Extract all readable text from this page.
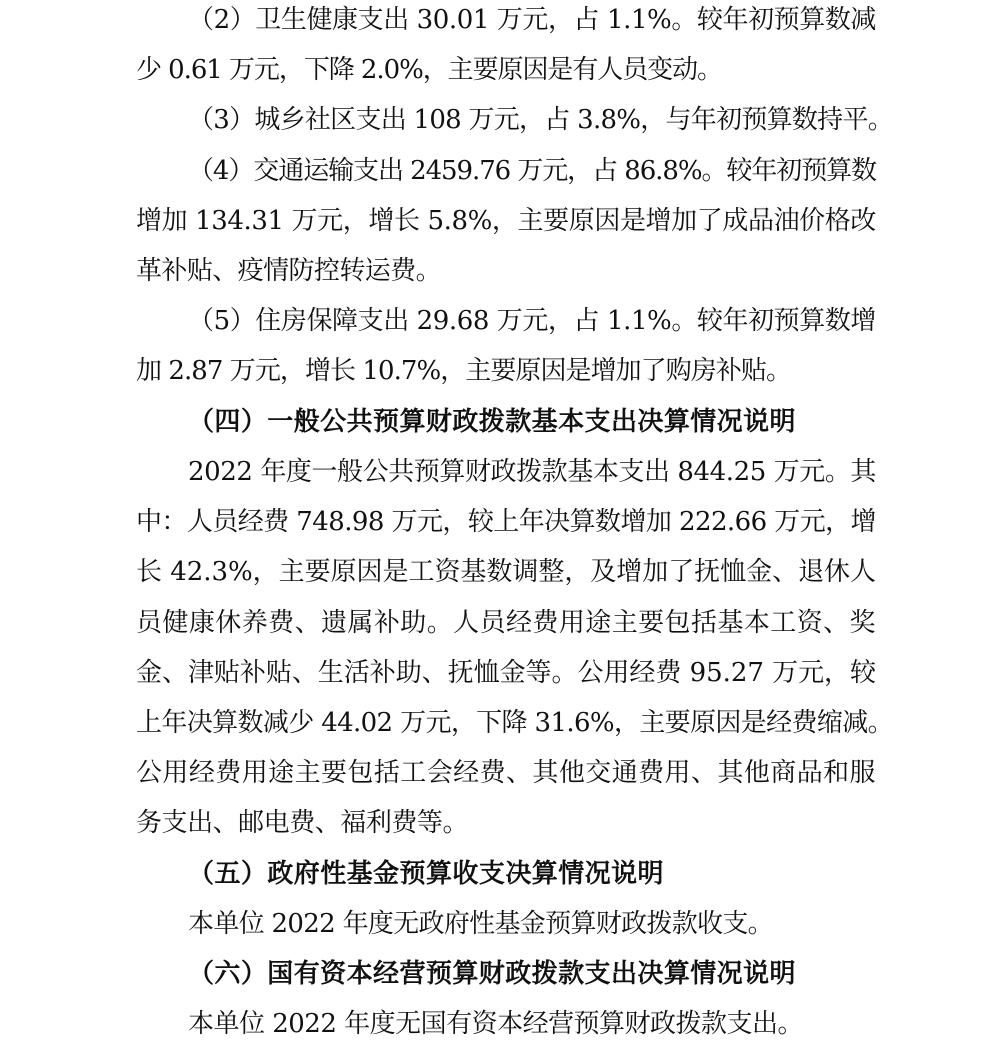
（2）卫生健康支出 30.01 万元，占 1.1%。较年初预算数减
少 0.61 万元，下降 2.0%，主要原因是有人员变动。
（3）城乡社区支出 108 万元，占 3.8%，与年初预算数持平。
（4）交通运输支出 2459.76 万元，占 86.8%。较年初预算数
增加 134.31 万元，增长 5.8%，主要原因是增加了成品油价格改
革补贴、疫情防控转运费。
（5）住房保障支出 29.68 万元，占 1.1%。较年初预算数增
加 2.87 万元，增长 10.7%，主要原因是增加了购房补贴。
（四）一般公共预算财政拨款基本支出决算情况说明
2022 年度一般公共预算财政拨款基本支出 844.25 万元。其
中：人员经费 748.98 万元，较上年决算数增加 222.66 万元，增
长 42.3%，主要原因是工资基数调整，及增加了抚恤金、退休人
员健康休养费、遗属补助。人员经费用途主要包括基本工资、奖
金、津贴补贴、生活补助、抚恤金等。公用经费 95.27 万元，较
上年决算数减少 44.02 万元，下降 31.6%，主要原因是经费缩减。
公用经费用途主要包括工会经费、其他交通费用、其他商品和服
务支出、邮电费、福利费等。
（五）政府性基金预算收支决算情况说明
本单位 2022 年度无政府性基金预算财政拨款收支。
（六）国有资本经营预算财政拨款支出决算情况说明
本单位 2022 年度无国有资本经营预算财政拨款支出。
